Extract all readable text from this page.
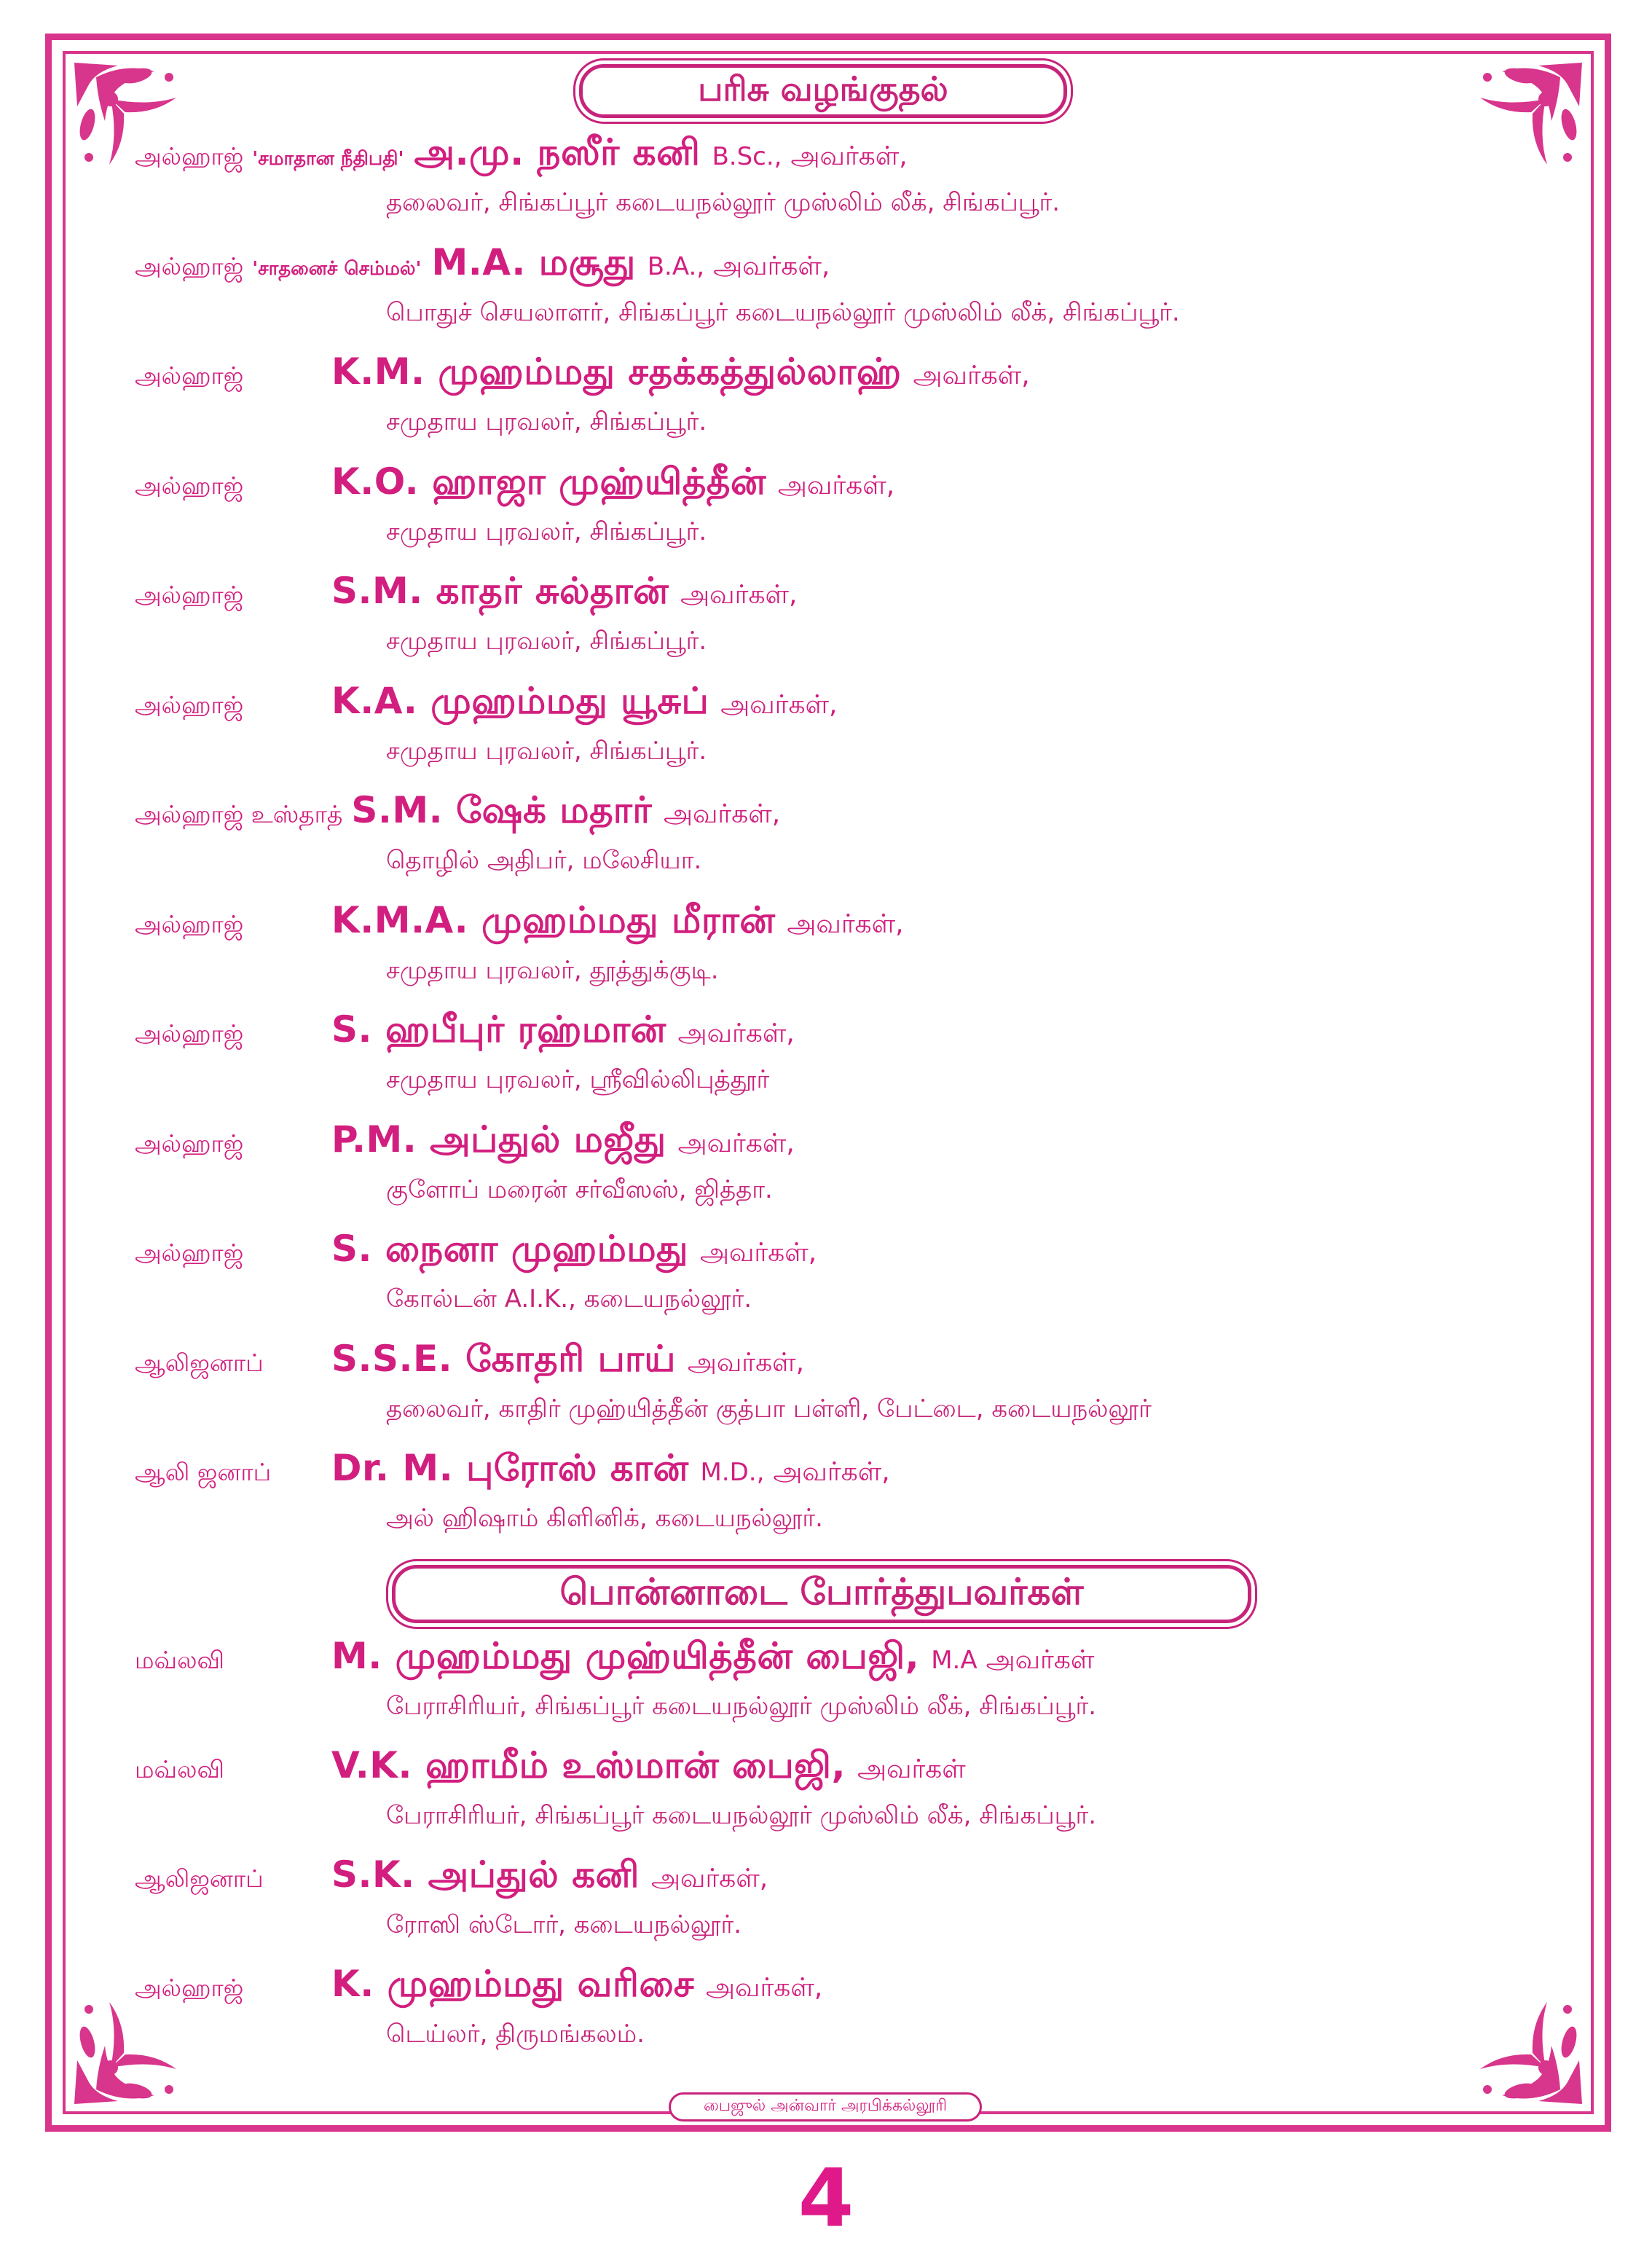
பரிசு வழங்குதல்
பொன்னாடை போர்த்துபவர்கள்
அல்ஹாஜ் 'சமாதான நீதிபதி' அ.மு. நஸீர் கனி B.Sc., அவர்கள்,
தலைவர், சிங்கப்பூர் கடையநல்லூர் முஸ்லிம் லீக், சிங்கப்பூர்.
அல்ஹாஜ் 'சாதனைச் செம்மல்' M.A. மசூது B.A., அவர்கள்,
பொதுச் செயலாளர், சிங்கப்பூர் கடையநல்லூர் முஸ்லிம் லீக், சிங்கப்பூர்.
அல்ஹாஜ்	K.M. முஹம்மது சதக்கத்துல்லாஹ் அவர்கள்,
சமுதாய புரவலர், சிங்கப்பூர்.
அல்ஹாஜ்	K.O. ஹாஜா முஹ்யித்தீன் அவர்கள்,
சமுதாய புரவலர், சிங்கப்பூர்.
அல்ஹாஜ்	S.M. காதர் சுல்தான் அவர்கள்,
சமுதாய புரவலர், சிங்கப்பூர்.
அல்ஹாஜ்	K.A. முஹம்மது யூசுப் அவர்கள்,
சமுதாய புரவலர், சிங்கப்பூர்.
அல்ஹாஜ் உஸ்தாத் S.M. ஷேக் மதார் அவர்கள்,
தொழில் அதிபர், மலேசியா.
அல்ஹாஜ்	K.M.A. முஹம்மது மீரான் அவர்கள்,
சமுதாய புரவலர், தூத்துக்குடி.
அல்ஹாஜ்	S. ஹபீபுர் ரஹ்மான் அவர்கள்,
சமுதாய புரவலர், ஸ்ரீவில்லிபுத்தூர்
அல்ஹாஜ்	P.M. அப்துல் மஜீது அவர்கள்,
குளோப் மரைன் சர்வீஸஸ், ஜித்தா.
அல்ஹாஜ்	S. நைனா முஹம்மது அவர்கள்,
கோல்டன் A.I.K., கடையநல்லூர்.
ஆலிஜனாப்	S.S.E. கோதரி பாய் அவர்கள்,
தலைவர், காதிர் முஹ்யித்தீன் குத்பா பள்ளி, பேட்டை, கடையநல்லூர்
ஆலி ஜனாப்	Dr. M. புரோஸ் கான் M.D., அவர்கள்,
அல் ஹிஷாம் கிளினிக், கடையநல்லூர்.
மவ்லவி	M. முஹம்மது முஹ்யித்தீன் பைஜி, M.A அவர்கள்
பேராசிரியர், சிங்கப்பூர் கடையநல்லூர் முஸ்லிம் லீக், சிங்கப்பூர்.
மவ்லவி	V.K. ஹாமீம் உஸ்மான் பைஜி, அவர்கள்
பேராசிரியர், சிங்கப்பூர் கடையநல்லூர் முஸ்லிம் லீக், சிங்கப்பூர்.
ஆலிஜனாப்	S.K. அப்துல் கனி அவர்கள்,
ரோஸி ஸ்டோர், கடையநல்லூர்.
அல்ஹாஜ்	K. முஹம்மது வரிசை அவர்கள்,
டெய்லர், திருமங்கலம்.
பைஜுல் அன்வார் அரபிக்கல்லூரி
4
